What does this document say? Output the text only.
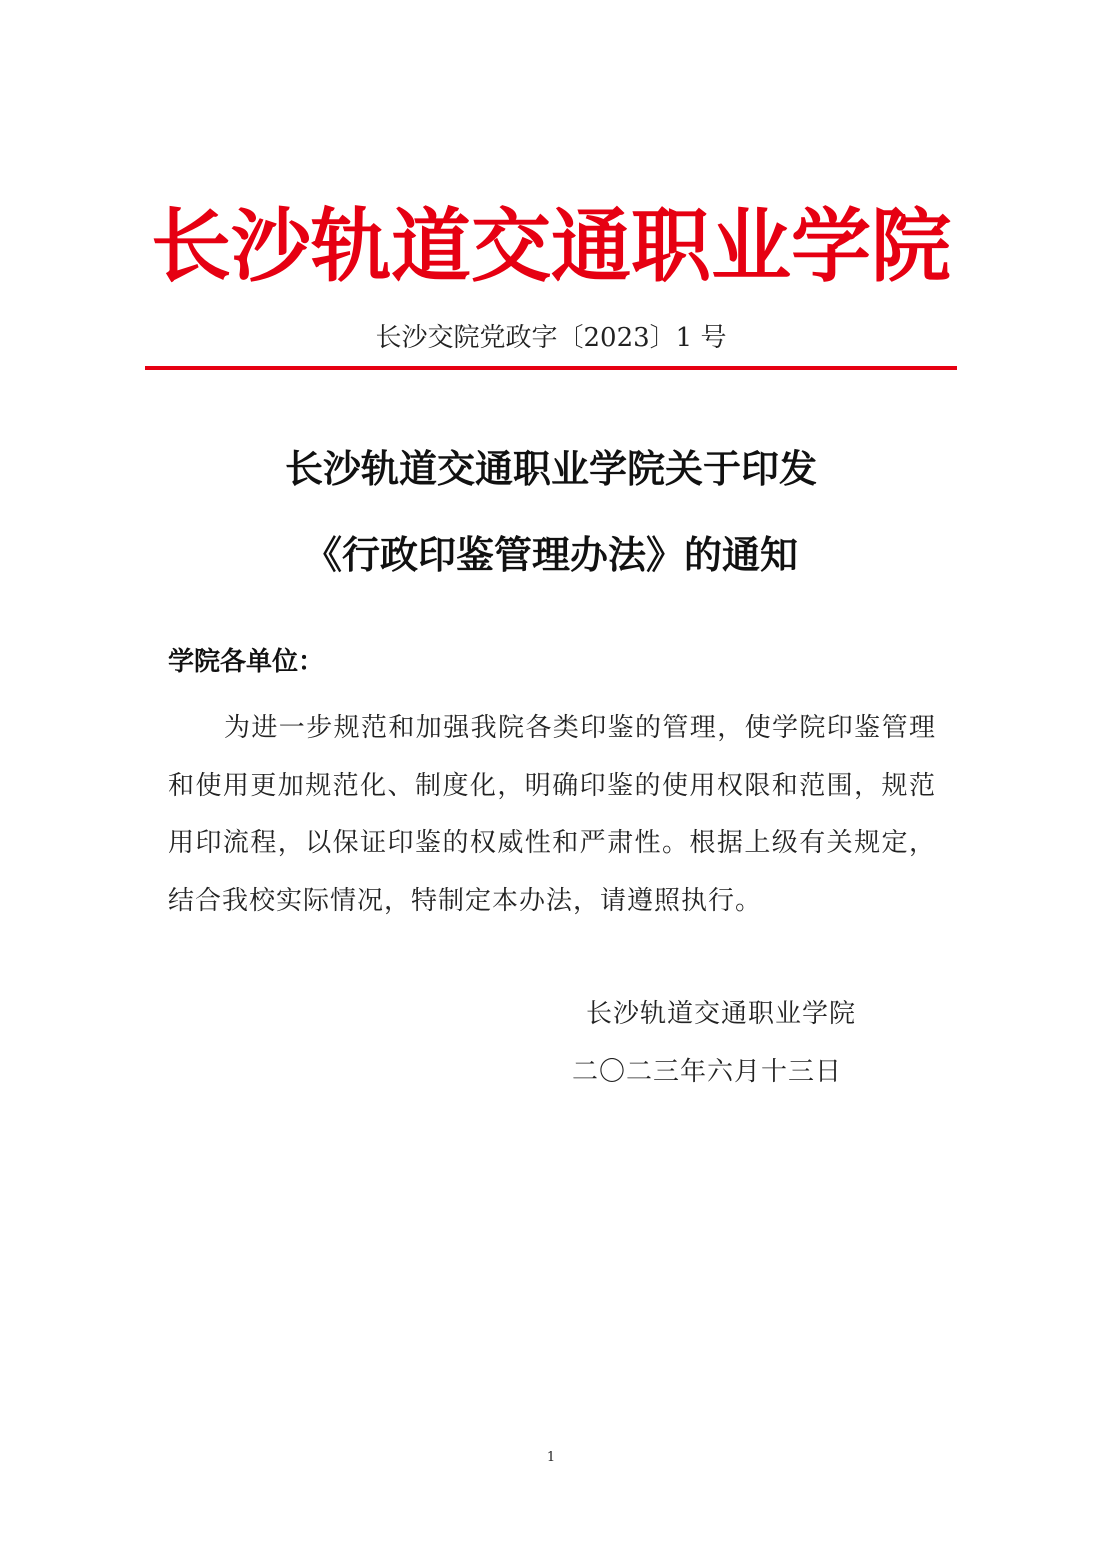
长沙轨道交通职业学院
长沙交院党政字〔2023〕1 号
长沙轨道交通职业学院关于印发
《行政印鉴管理办法》的通知
学院各单位：
为进一步规范和加强我院各类印鉴的管理，使学院印鉴管理和使用更加规范化、制度化，明确印鉴的使用权限和范围，规范用印流程，以保证印鉴的权威性和严肃性。根据上级有关规定，结合我校实际情况，特制定本办法，请遵照执行。
长沙轨道交通职业学院
二〇二三年六月十三日
1
